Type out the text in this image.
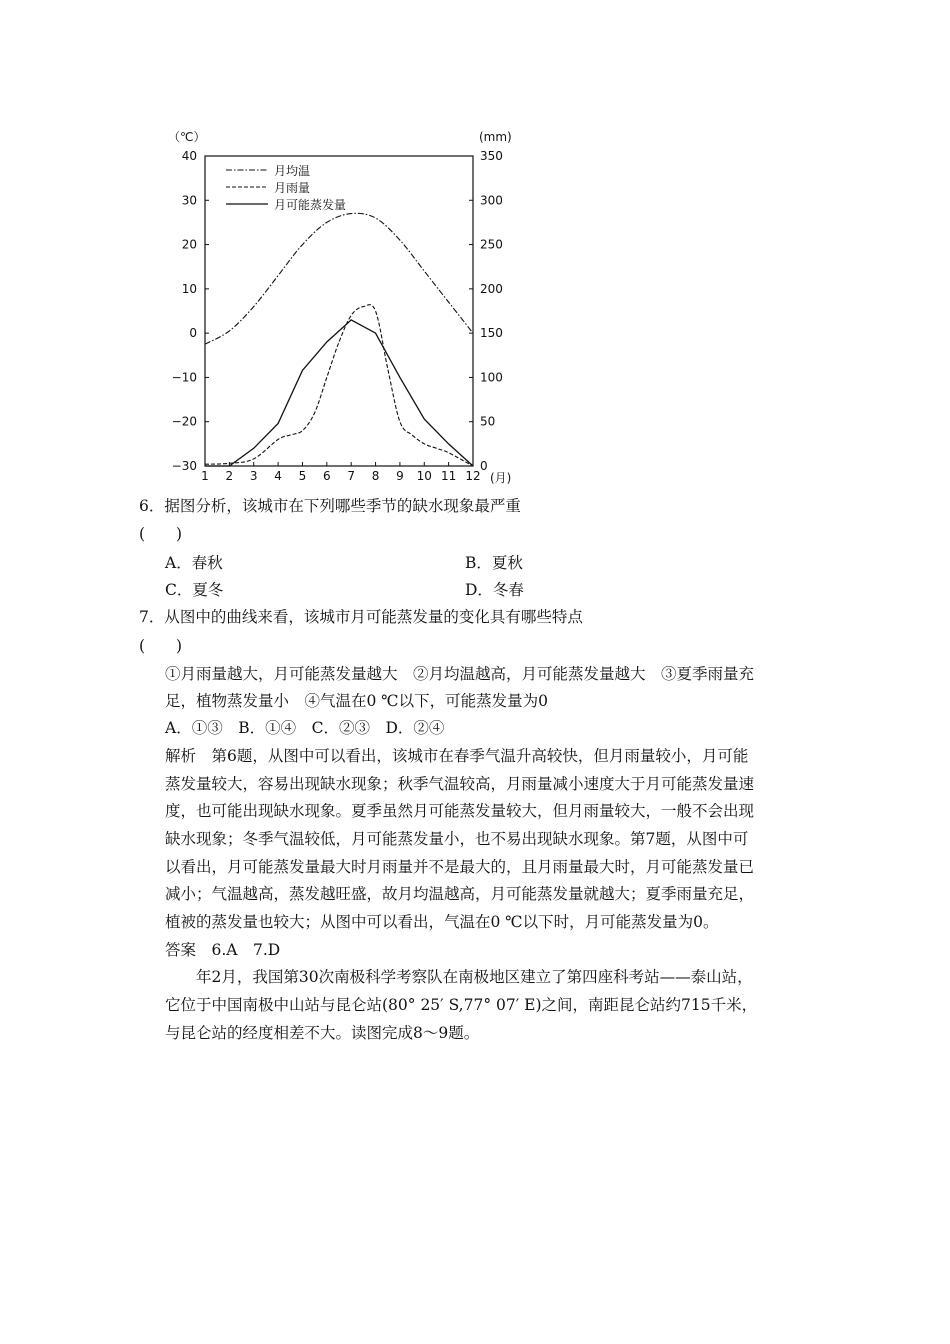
（℃）	(mm)
40
30
20
10
0
−10
−20
−30
350
300
250
200
150
100
50
0
1 2 3 4 5 6 7 8 9 10 11 12
月均温
月雨量
月可能蒸发量
(月)
6．据图分析，该城市在下列哪些季节的缺水现象最严重
(　　)
A．春秋	B．夏秋
C．夏冬	D．冬春
7．从图中的曲线来看，该城市月可能蒸发量的变化具有哪些特点
(　　)
①月雨量越大，月可能蒸发量越大　②月均温越高，月可能蒸发量越大　③夏季雨量充
足，植物蒸发量小　④气温在0 ℃以下，可能蒸发量为0
A．①③　B．①④　C．②③　D．②④
解析　第6题，从图中可以看出，该城市在春季气温升高较快，但月雨量较小，月可能
蒸发量较大，容易出现缺水现象；秋季气温较高，月雨量减小速度大于月可能蒸发量速
度，也可能出现缺水现象。夏季虽然月可能蒸发量较大，但月雨量较大，一般不会出现
缺水现象；冬季气温较低，月可能蒸发量小，也不易出现缺水现象。第7题，从图中可
以看出，月可能蒸发量最大时月雨量并不是最大的，且月雨量最大时，月可能蒸发量已
减小；气温越高，蒸发越旺盛，故月均温越高，月可能蒸发量就越大；夏季雨量充足，
植被的蒸发量也较大；从图中可以看出，气温在0 ℃以下时，月可能蒸发量为0。
答案　6.A　7.D
　　年2月，我国第30次南极科学考察队在南极地区建立了第四座科考站——泰山站，
它位于中国南极中山站与昆仑站(80° 25′ S,77° 07′ E)之间，南距昆仑站约715千米，
与昆仑站的经度相差不大。读图完成8～9题。
